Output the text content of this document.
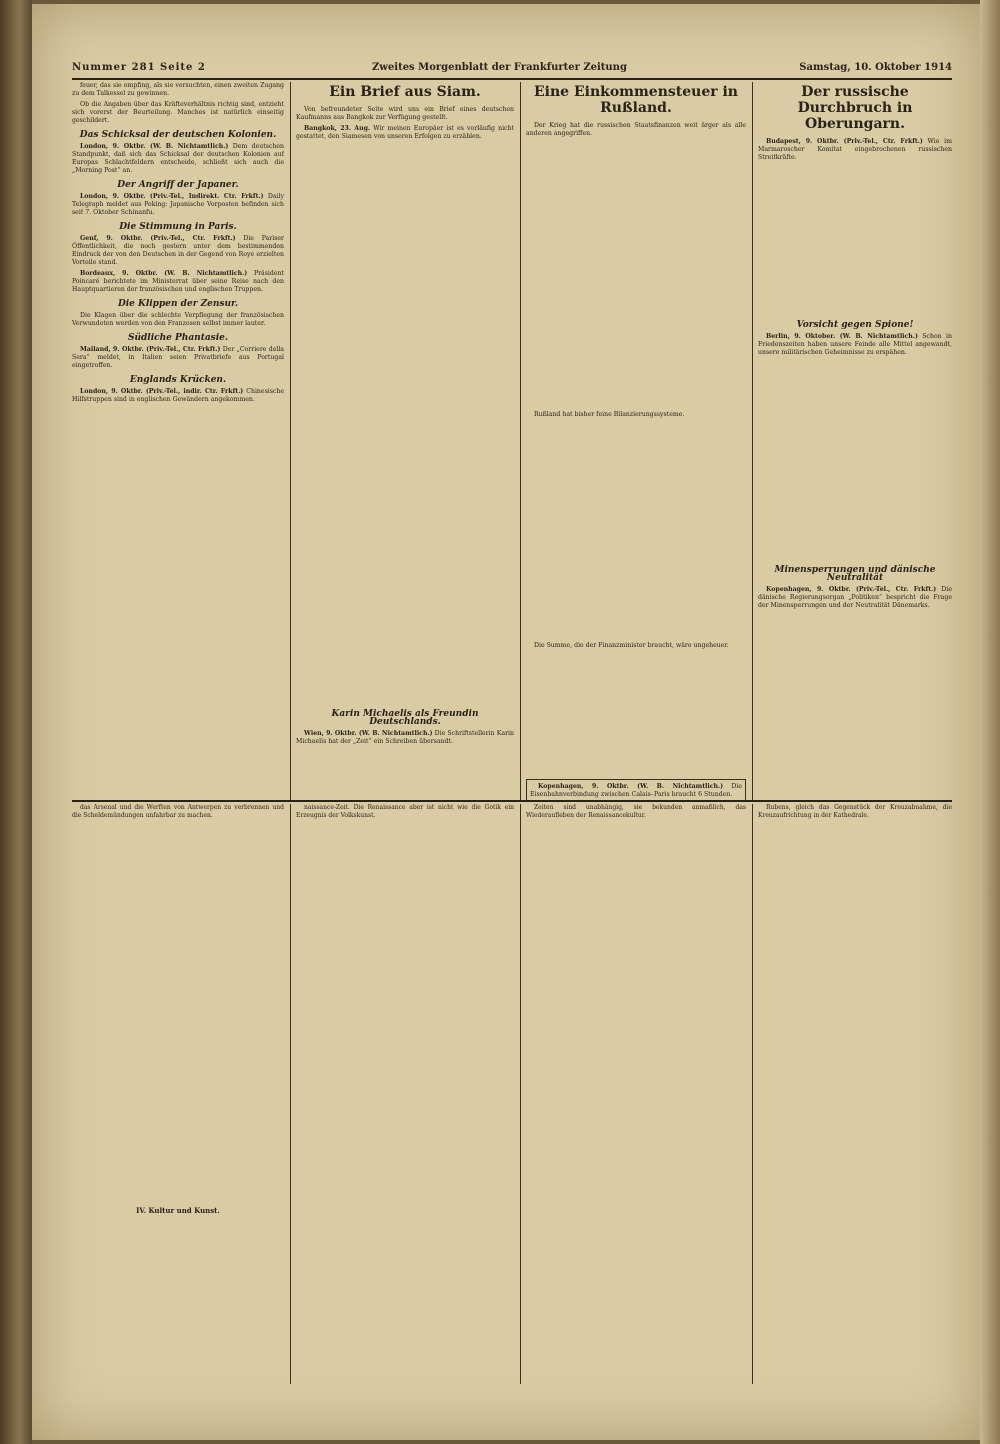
Nummer 281 Seite 2	Zweites Morgenblatt der Frankfurter Zeitung	Samstag, 10. Oktober 1914

feuer, das sie empfing, als sie versuchten, einen zweiten Zugang zu dem Talkessel zu gewinnen.

Ob die Angaben über das Kräfteverhältnis richtig sind, entzieht sich vorerst der Beurteilung. Manches ist natürlich einseitig geschildert.

Das Schicksal der deutschen Kolonien.

London, 9. Oktbr. (W. B. Nichtamtlich.) Dem deutschen Standpunkt, daß sich das Schicksal der deutschen Kolonien auf Europas Schlachtfeldern entscheide, schließt sich auch die „Morning Post“ an.

Der Angriff der Japaner.

London, 9. Oktbr. (Priv.-Tel., Indirekt. Ctr. Frkft.) Daily Telegraph meldet aus Peking: Japanische Vorposten befinden sich seit 7. Oktober Schinanfu.

Die Stimmung in Paris.

Genf, 9. Oktbr. (Priv.-Tel., Ctr. Frkft.) Die Pariser Öffentlichkeit, die noch gestern unter dem bestimmenden Eindruck der von den Deutschen in der Gegend von Roye erzielten Vorteile stand.

Bordeaux, 9. Oktbr. (W. B. Nichtamtlich.) Präsident Poincaré berichtete im Ministerrat über seine Reise nach den Hauptquartieren der französischen und englischen Truppen.

Die Klippen der Zensur.

Die Klagen über die schlechte Verpflegung der französischen Verwundeten werden von den Franzosen selbst immer lauter.

Südliche Phantasie.

Mailand, 9. Oktbr. (Priv.-Tel., Ctr. Frkft.) Der „Corriere della Sera“ meldet, in Italien seien Privatbriefe aus Portugal eingetroffen.

Englands Krücken.

London, 9. Oktbr. (Priv.-Tel., indir. Ctr. Frkft.) Chinesische Hilfstruppen sind in englischen Gewändern angekommen.

Ein Brief aus Siam.

Von befreundeter Seite wird uns ein Brief eines deutschen Kaufmanns aus Bangkok zur Verfügung gestellt.

Bangkok, 23. Aug. Wir meinen Europäer ist es vorläufig nicht gestattet, den Siamesen von unseren Erfolgen zu erzählen.

Karin Michaelis als Freundin Deutschlands.

Wien, 9. Oktbr. (W. B. Nichtamtlich.) Die Schriftstellerin Karin Michaelis hat der „Zeit“ ein Schreiben übersandt.

Eine Einkommensteuer in Rußland.

Der Krieg hat die russischen Staatsfinanzen weit ärger als alle anderen angegriffen.

Rußland hat bisher feine Bilanzierungssysteme.

Die Summe, die der Finanzminister braucht, wäre ungeheuer.

Kopenhagen, 9. Oktbr. (W. B. Nichtamtlich.) Die Eisenbahnverbindung zwischen Calais–Paris braucht 6 Stunden.

Der russische Durchbruch in Oberungarn.

Budapest, 9. Oktbr. (Priv.-Tel., Ctr. Frkft.) Wie im Marmaroscher Komitat eingebrochenen russischen Streitkräfte.

Vorsicht gegen Spione!

Berlin, 9. Oktober. (W. B. Nichtamtlich.) Schon in Friedenszeiten haben unsere Feinde alle Mittel angewandt, unsere militärischen Geheimnisse zu erspähen.

Minensperrungen und dänische Neutralität

Kopenhagen, 9. Oktbr. (Priv.-Tel., Ctr. Frkft.) Die dänische Regierungsorgan „Politiken“ bespricht die Frage der Minensperrungen und der Neutralität Dänemarks.

das Arsenal und die Werften von Antwerpen zu verbrennen und die Scheldemündungen unfahrbar zu machen.

IV. Kultur und Kunst.

naissance-Zeit. Die Renaissance aber ist nicht wie die Gotik ein Erzeugnis der Volkskunst.

Zeiten sind unabhängig, sie bekunden anmaßlich, das Wiederaufleben der Renaissancekultur.

Rubens, gleich das Gegenstück der Kreuzabnahme, die Kreuzaufrichtung in der Kathedrale.
